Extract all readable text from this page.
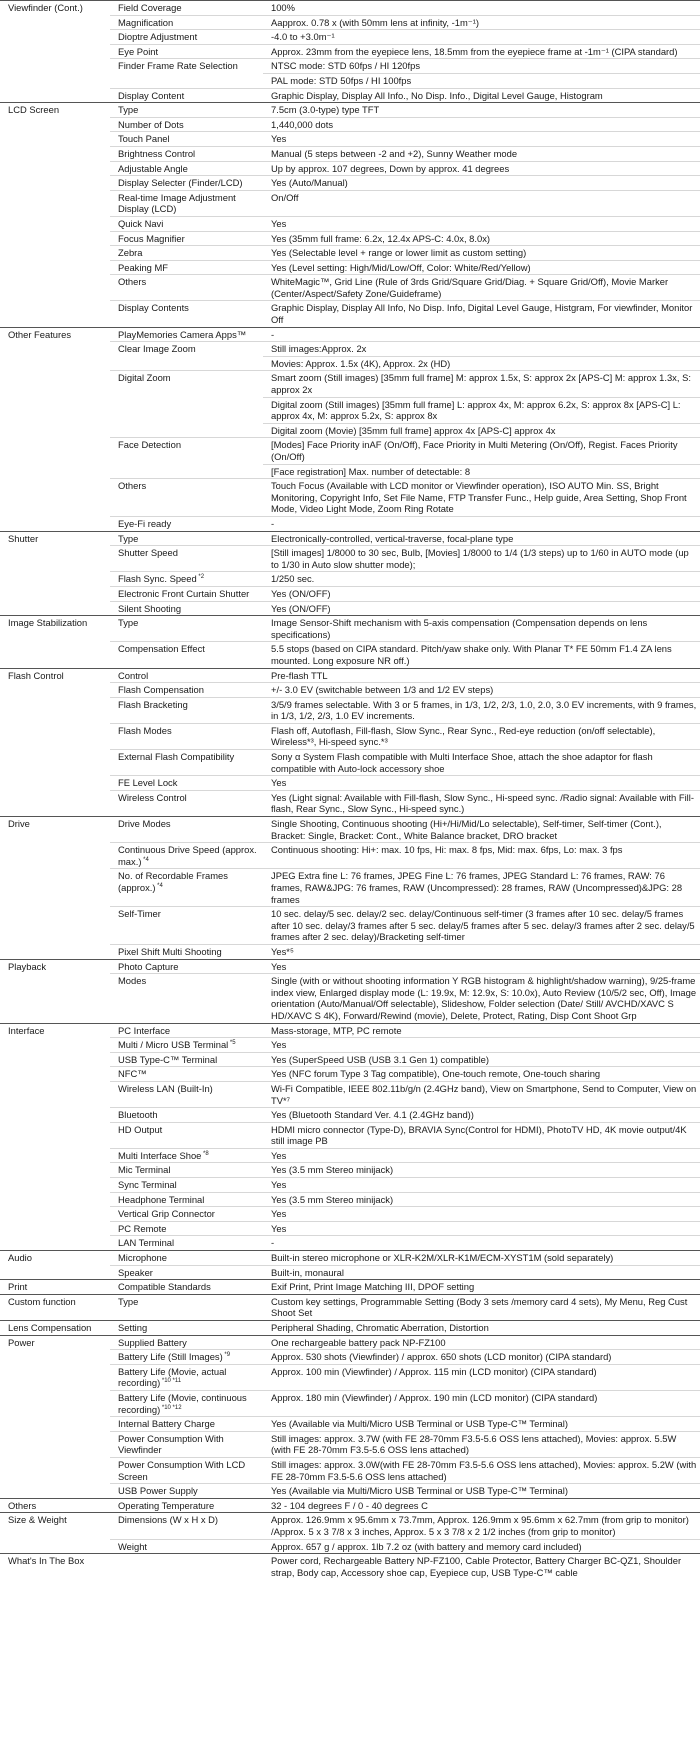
Viewfinder (Cont.)	Field Coverage	100%
	Magnification	Aapprox. 0.78 x (with 50mm lens at infinity, -1m⁻¹)
	Dioptre Adjustment	-4.0 to +3.0m⁻¹
	Eye Point	Approx. 23mm from the eyepiece lens, 18.5mm from the eyepiece frame at -1m⁻¹ (CIPA standard)
	Finder Frame Rate Selection	NTSC mode: STD 60fps / HI 120fps
		PAL mode: STD 50fps / HI 100fps
	Display Content	Graphic Display, Display All Info., No Disp. Info., Digital Level Gauge, Histogram
LCD Screen	Type	7.5cm (3.0-type) type TFT
	Number of Dots	1,440,000 dots
	Touch Panel	Yes
	Brightness Control	Manual (5 steps between -2 and +2), Sunny Weather mode
	Adjustable Angle	Up by approx. 107 degrees, Down by approx. 41 degrees
	Display Selecter (Finder/LCD)	Yes (Auto/Manual)
	Real-time Image Adjustment Display (LCD)	On/Off
	Quick Navi	Yes
	Focus Magnifier	Yes (35mm full frame: 6.2x, 12.4x APS-C: 4.0x, 8.0x)
	Zebra	Yes (Selectable level + range or lower limit as custom setting)
	Peaking MF	Yes (Level setting: High/Mid/Low/Off, Color: White/Red/Yellow)
	Others	WhiteMagic™, Grid Line (Rule of 3rds Grid/Square Grid/Diag. + Square Grid/Off), Movie Marker (Center/Aspect/Safety Zone/Guideframe)
	Display Contents	Graphic Display, Display All Info, No Disp. Info, Digital Level Gauge, Histgram, For viewfinder, Monitor Off
Other Features	PlayMemories Camera Apps™	-
	Clear Image Zoom	Still images:Approx. 2x
		Movies: Approx. 1.5x (4K), Approx. 2x (HD)
	Digital Zoom	Smart zoom (Still images) [35mm full frame] M: approx 1.5x, S: approx 2x [APS-C] M: approx 1.3x, S: approx 2x
		Digital zoom (Still images) [35mm full frame] L: approx 4x, M: approx 6.2x, S: approx 8x [APS-C] L: approx 4x, M: approx 5.2x, S: approx 8x
		Digital zoom (Movie) [35mm full frame] approx 4x [APS-C] approx 4x
	Face Detection	[Modes] Face Priority inAF (On/Off), Face Priority in Multi Metering (On/Off), Regist. Faces Priority (On/Off)
		[Face registration] Max. number of detectable: 8
	Others	Touch Focus (Available with LCD monitor or Viewfinder operation), ISO AUTO Min. SS, Bright Monitoring, Copyright Info, Set File Name, FTP Transfer Func., Help guide, Area Setting, Shop Front Mode, Video Light Mode, Zoom Ring Rotate
	Eye-Fi ready	-
Shutter	Type	Electronically-controlled, vertical-traverse, focal-plane type
	Shutter Speed	[Still images] 1/8000 to 30 sec, Bulb, [Movies] 1/8000 to 1/4 (1/3 steps) up to 1/60 in AUTO mode (up to 1/30 in Auto slow shutter mode);
	Flash Sync. Speed $^{*2}$	1/250 sec.
	Electronic Front Curtain Shutter	Yes (ON/OFF)
	Silent Shooting	Yes (ON/OFF)
Image Stabilization	Type	Image Sensor-Shift mechanism with 5-axis compensation (Compensation depends on lens specifications)
	Compensation Effect	5.5 stops (based on CIPA standard. Pitch/yaw shake only. With Planar T* FE 50mm F1.4 ZA lens mounted. Long exposure NR off.)
Flash Control	Control	Pre-flash TTL
	Flash Compensation	+/- 3.0 EV (switchable between 1/3 and 1/2 EV steps)
	Flash Bracketing	3/5/9 frames selectable. With 3 or 5 frames, in 1/3, 1/2, 2/3, 1.0, 2.0, 3.0 EV increments, with 9 frames, in 1/3, 1/2, 2/3, 1.0 EV increments.
	Flash Modes	Flash off, Autoflash, Fill-flash, Slow Sync., Rear Sync., Red-eye reduction (on/off selectable), Wireless*³, Hi-speed sync.*³
	External Flash Compatibility	Sony α System Flash compatible with Multi Interface Shoe, attach the shoe adaptor for flash compatible with Auto-lock accessory shoe
	FE Level Lock	Yes
	Wireless Control	Yes (Light signal: Available with Fill-flash, Slow Sync., Hi-speed sync. /Radio signal: Available with Fill-flash, Rear Sync., Slow Sync., Hi-speed sync.)
Drive	Drive Modes	Single Shooting, Continuous shooting (Hi+/Hi/Mid/Lo selectable), Self-timer, Self-timer (Cont.), Bracket: Single, Bracket: Cont., White Balance bracket, DRO bracket
	Continuous Drive Speed (approx. max.) $^{*4}$	Continuous shooting: Hi+: max. 10 fps, Hi: max. 8 fps, Mid: max. 6fps, Lo: max. 3 fps
	No. of Recordable Frames (approx.) $^{*4}$	JPEG Extra fine L: 76 frames, JPEG Fine L: 76 frames, JPEG Standard L: 76 frames, RAW: 76 frames, RAW&JPG: 76 frames, RAW (Uncompressed): 28 frames, RAW (Uncompressed)&JPG: 28 frames
	Self-Timer	10 sec. delay/5 sec. delay/2 sec. delay/Continuous self-timer (3 frames after 10 sec. delay/5 frames after 10 sec. delay/3 frames after 5 sec. delay/5 frames after 5 sec. delay/3 frames after 2 sec. delay/5 frames after 2 sec. delay)/Bracketing self-timer
	Pixel Shift Multi Shooting	Yes*⁵
Playback	Photo Capture	Yes
	Modes	Single (with or without shooting information Y RGB histogram & highlight/shadow warning), 9/25-frame index view, Enlarged display mode (L: 19.9x, M: 12.9x, S: 10.0x), Auto Review (10/5/2 sec, Off), Image orientation (Auto/Manual/Off selectable), Slideshow, Folder selection (Date/ Still/ AVCHD/XAVC S HD/XAVC S 4K), Forward/Rewind (movie), Delete, Protect, Rating, Disp Cont Shoot Grp
Interface	PC Interface	Mass-storage, MTP, PC remote
	Multi / Micro USB Terminal $^{*5}$	Yes
	USB Type-C™ Terminal	Yes (SuperSpeed USB (USB 3.1 Gen 1) compatible)
	NFC™	Yes (NFC forum Type 3 Tag compatible), One-touch remote, One-touch sharing
	Wireless LAN (Built-In)	Wi-Fi Compatible, IEEE 802.11b/g/n (2.4GHz band), View on Smartphone, Send to Computer, View on TV*⁷
	Bluetooth	Yes (Bluetooth Standard Ver. 4.1 (2.4GHz band))
	HD Output	HDMI micro connector (Type-D), BRAVIA Sync(Control for HDMI), PhotoTV HD, 4K movie output/4K still image PB
	Multi Interface Shoe $^{*8}$	Yes
	Mic Terminal	Yes (3.5 mm Stereo minijack)
	Sync Terminal	Yes
	Headphone Terminal	Yes (3.5 mm Stereo minijack)
	Vertical Grip Connector	Yes
	PC Remote	Yes
	LAN Terminal	-
Audio	Microphone	Built-in stereo microphone or XLR-K2M/XLR-K1M/ECM-XYST1M (sold separately)
	Speaker	Built-in, monaural
Print	Compatible Standards	Exif Print, Print Image Matching III, DPOF setting
Custom function	Type	Custom key settings, Programmable Setting (Body 3 sets /memory card 4 sets), My Menu, Reg Cust Shoot Set
Lens Compensation	Setting	Peripheral Shading, Chromatic Aberration, Distortion
Power	Supplied Battery	One rechargeable battery pack NP-FZ100
	Battery Life (Still Images) $^{*9}$	Approx. 530 shots (Viewfinder) / approx. 650 shots (LCD monitor) (CIPA standard)
	Battery Life (Movie, actual recording) $^{*10 *11}$	Approx. 100 min (Viewfinder) / Approx. 115 min (LCD monitor) (CIPA standard)
	Battery Life (Movie, continuous recording) $^{*10 *12}$	Approx. 180 min (Viewfinder) / Approx. 190 min (LCD monitor) (CIPA standard)
	Internal Battery Charge	Yes (Available via Multi/Micro USB Terminal or USB Type-C™ Terminal)
	Power Consumption With Viewfinder	Still images: approx. 3.7W (with FE 28-70mm F3.5-5.6 OSS lens attached), Movies: approx. 5.5W (with FE 28-70mm F3.5-5.6 OSS lens attached)
	Power Consumption With LCD Screen	Still images: approx. 3.0W(with FE 28-70mm F3.5-5.6 OSS lens attached), Movies: approx. 5.2W (with FE 28-70mm F3.5-5.6 OSS lens attached)
	USB Power Supply	Yes (Available via Multi/Micro USB Terminal or USB Type-C™ Terminal)
Others	Operating Temperature	32 - 104 degrees F / 0 - 40 degrees C
Size & Weight	Dimensions (W x H x D)	Approx. 126.9mm x 95.6mm x 73.7mm, Approx. 126.9mm x 95.6mm x 62.7mm (from grip to monitor) /Approx. 5 x 3 7/8 x 3 inches, Approx. 5 x 3 7/8 x 2 1/2 inches (from grip to monitor)
	Weight	Approx. 657 g / approx. 1lb 7.2 oz (with battery and memory card included)
What's In The Box		Power cord, Rechargeable Battery NP-FZ100, Cable Protector, Battery Charger BC-QZ1, Shoulder strap, Body cap, Accessory shoe cap, Eyepiece cup, USB Type-C™ cable
